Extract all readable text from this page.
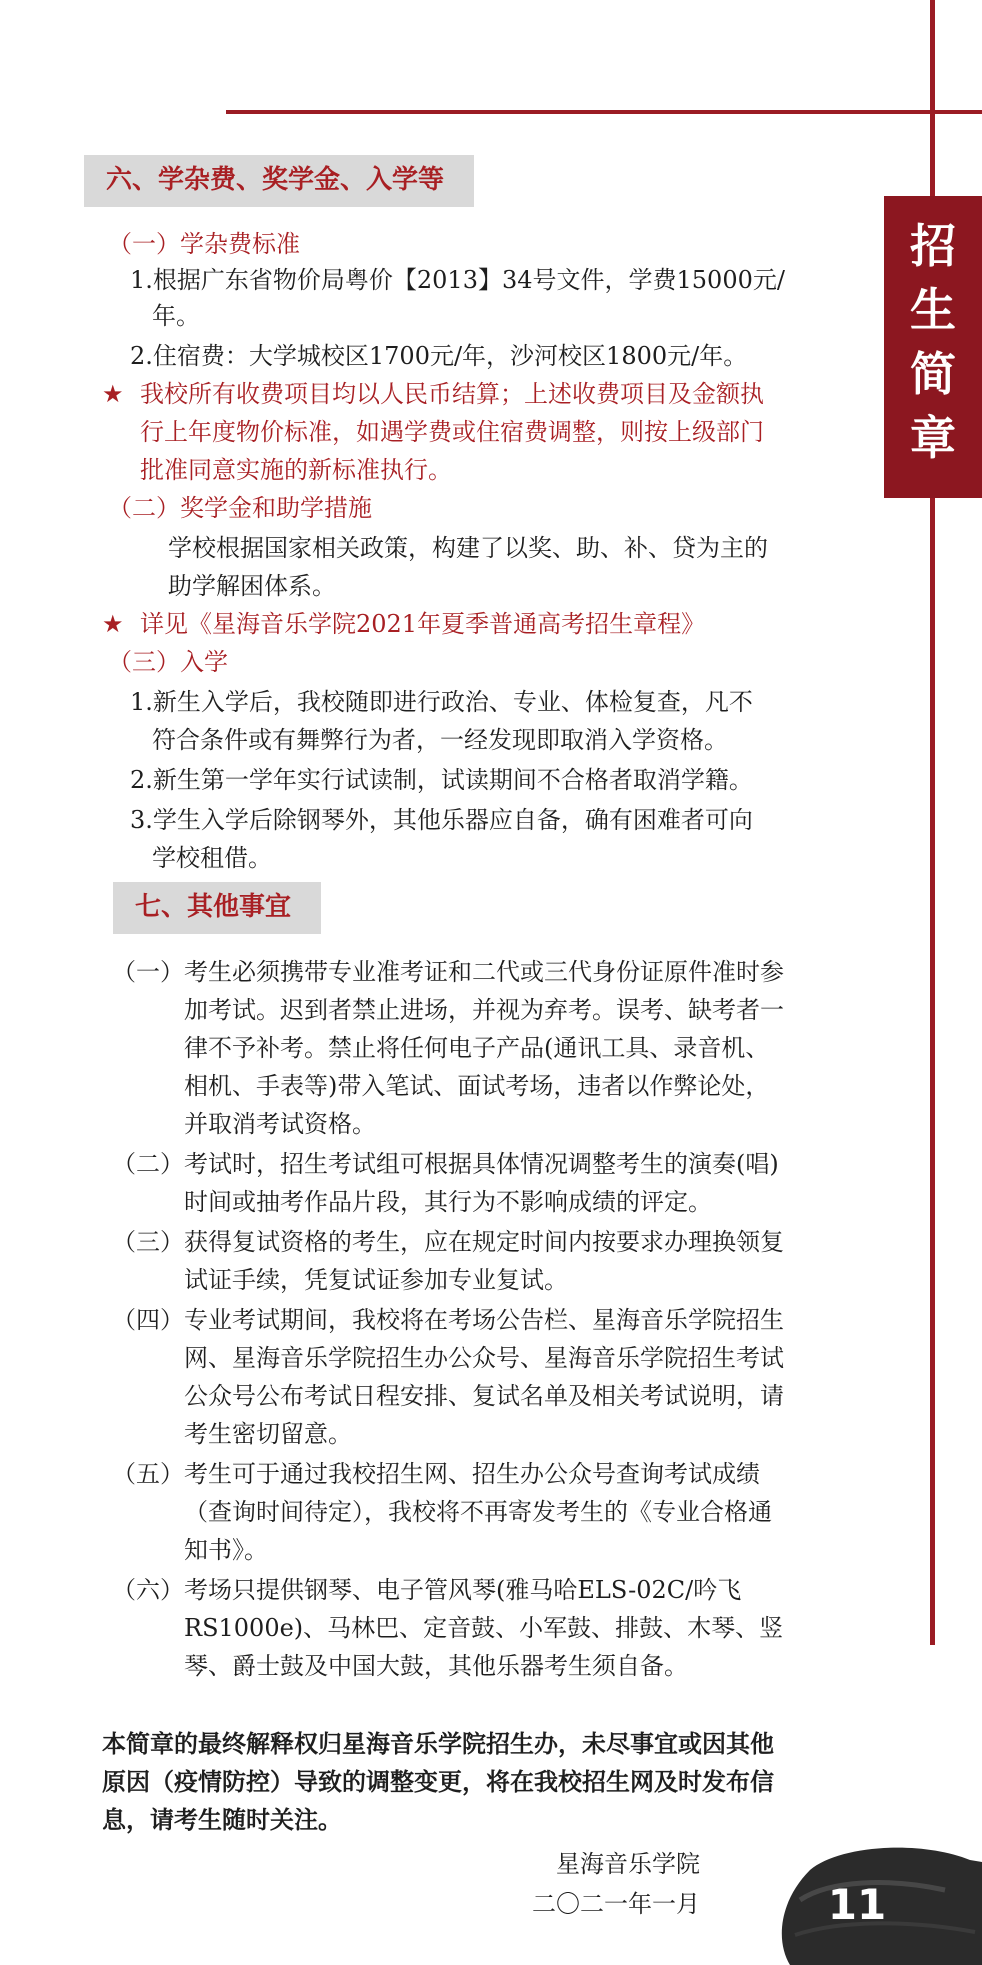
招
生
简
章
六、学杂费、奖学金、入学等
（一）学杂费标准
1.根据广东省物价局粤价【2013】34号文件，学费15000元/
年。
2.住宿费：大学城校区1700元/年，沙河校区1800元/年。
★ 我校所有收费项目均以人民币结算；上述收费项目及金额执
行上年度物价标准，如遇学费或住宿费调整，则按上级部门
批准同意实施的新标准执行。
（二）奖学金和助学措施
学校根据国家相关政策，构建了以奖、助、补、贷为主的
助学解困体系。
★ 详见《星海音乐学院2021年夏季普通高考招生章程》
（三）入学
1.新生入学后，我校随即进行政治、专业、体检复查，凡不
符合条件或有舞弊行为者，一经发现即取消入学资格。
2.新生第一学年实行试读制，试读期间不合格者取消学籍。
3.学生入学后除钢琴外，其他乐器应自备，确有困难者可向
学校租借。
七、其他事宜
（一） 考生必须携带专业准考证和二代或三代身份证原件准时参
加考试。迟到者禁止进场，并视为弃考。误考、缺考者一
律不予补考。禁止将任何电子产品(通讯工具、录音机、
相机、手表等)带入笔试、面试考场，违者以作弊论处，
并取消考试资格。
（二） 考试时，招生考试组可根据具体情况调整考生的演奏(唱)
时间或抽考作品片段，其行为不影响成绩的评定。
（三） 获得复试资格的考生，应在规定时间内按要求办理换领复
试证手续，凭复试证参加专业复试。
（四） 专业考试期间，我校将在考场公告栏、星海音乐学院招生
网、星海音乐学院招生办公众号、星海音乐学院招生考试
公众号公布考试日程安排、复试名单及相关考试说明，请
考生密切留意。
（五） 考生可于通过我校招生网、招生办公众号查询考试成绩
（查询时间待定），我校将不再寄发考生的《专业合格通
知书》。
（六） 考场只提供钢琴、电子管风琴(雅马哈ELS-02C/吟飞
RS1000e)、马林巴、定音鼓、小军鼓、排鼓、木琴、竖
琴、爵士鼓及中国大鼓，其他乐器考生须自备。
本简章的最终解释权归星海音乐学院招生办，未尽事宜或因其他
原因（疫情防控）导致的调整变更，将在我校招生网及时发布信
息，请考生随时关注。
星海音乐学院
二〇二一年一月	11
